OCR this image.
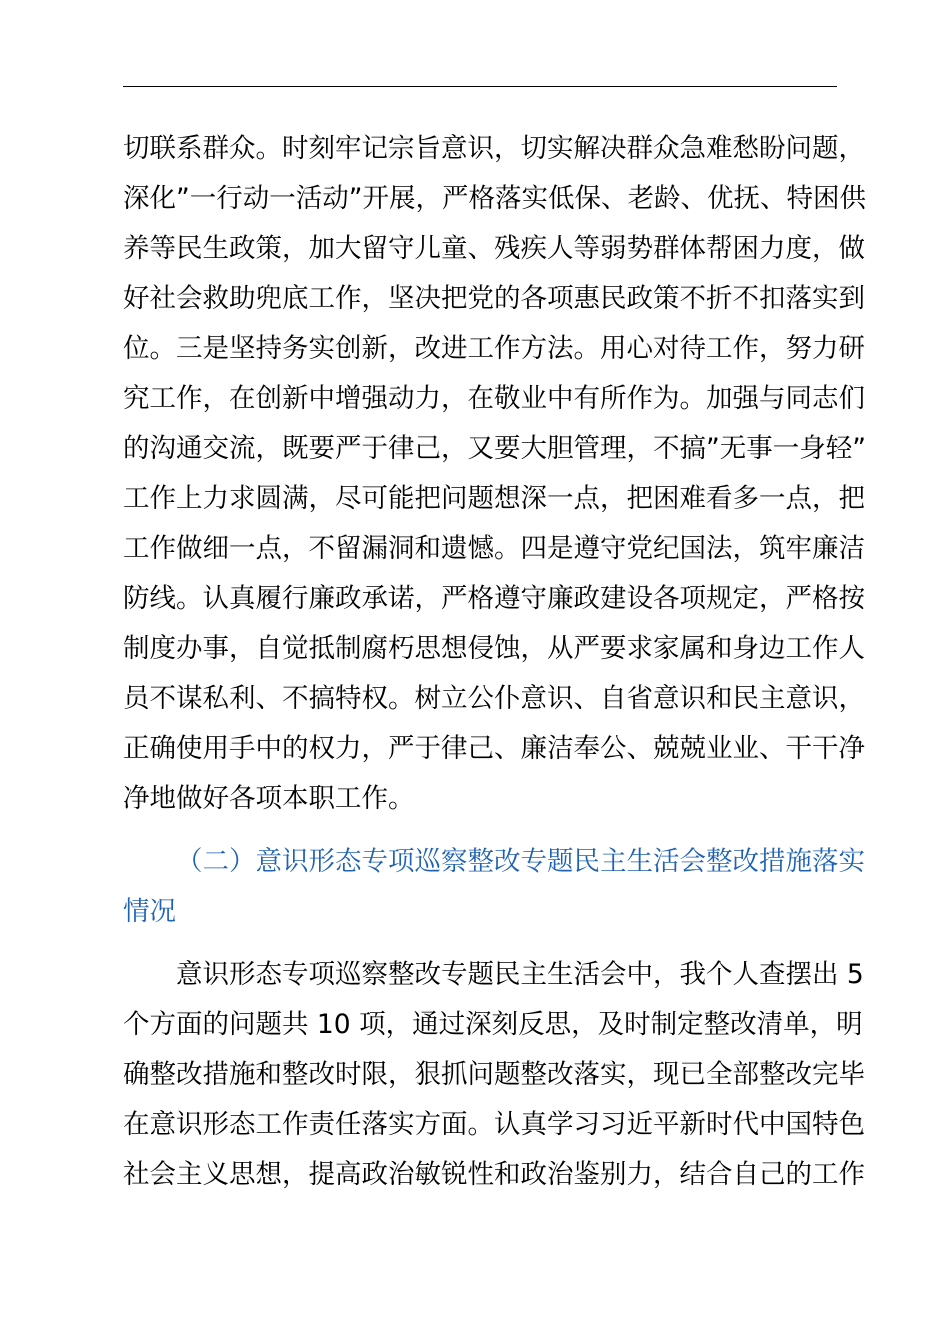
切联系群众。时刻牢记宗旨意识，切实解决群众急难愁盼问题，
深化”一行动一活动”开展，严格落实低保、老龄、优抚、特困供
养等民生政策，加大留守儿童、残疾人等弱势群体帮困力度，做
好社会救助兜底工作，坚决把党的各项惠民政策不折不扣落实到
位。三是坚持务实创新，改进工作方法。用心对待工作，努力研
究工作，在创新中增强动力，在敬业中有所作为。加强与同志们
的沟通交流，既要严于律己，又要大胆管理，不搞”无事一身轻”
工作上力求圆满，尽可能把问题想深一点，把困难看多一点，把
工作做细一点，不留漏洞和遗憾。四是遵守党纪国法，筑牢廉洁
防线。认真履行廉政承诺，严格遵守廉政建设各项规定，严格按
制度办事，自觉抵制腐朽思想侵蚀，从严要求家属和身边工作人
员不谋私利、不搞特权。树立公仆意识、自省意识和民主意识，
正确使用手中的权力，严于律己、廉洁奉公、兢兢业业、干干净
净地做好各项本职工作。
（二）意识形态专项巡察整改专题民主生活会整改措施落实
情况
意识形态专项巡察整改专题民主生活会中，我个人查摆出 5
个方面的问题共 10 项，通过深刻反思，及时制定整改清单，明
确整改措施和整改时限，狠抓问题整改落实，现已全部整改完毕
在意识形态工作责任落实方面。认真学习习近平新时代中国特色
社会主义思想，提高政治敏锐性和政治鉴别力，结合自己的工作
